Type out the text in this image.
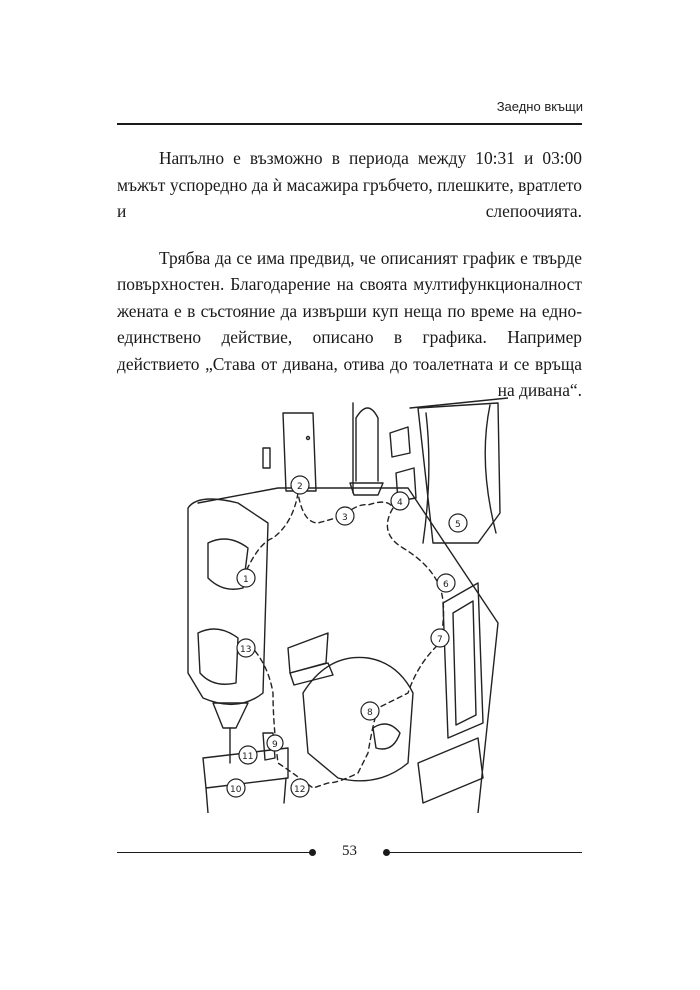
Заедно вкъщи

Напълно е възможно в периода между 10:31 и 03:00 мъжът успоредно да ѝ масажира гръбчето, плешките, вратлето и слепоочията.

Трябва да се има предвид, че описаният график е твърде повърхностен. Благодарение на своята мултифункционалност жената е в състояние да извърши куп неща по време на едно-единствено действие, описано в графика. Например действието „Става от дивана, отива до тоалетната и се връща на дивана“.

1
2
3
4
5
6
7
8
9
10
11
12
13
53
